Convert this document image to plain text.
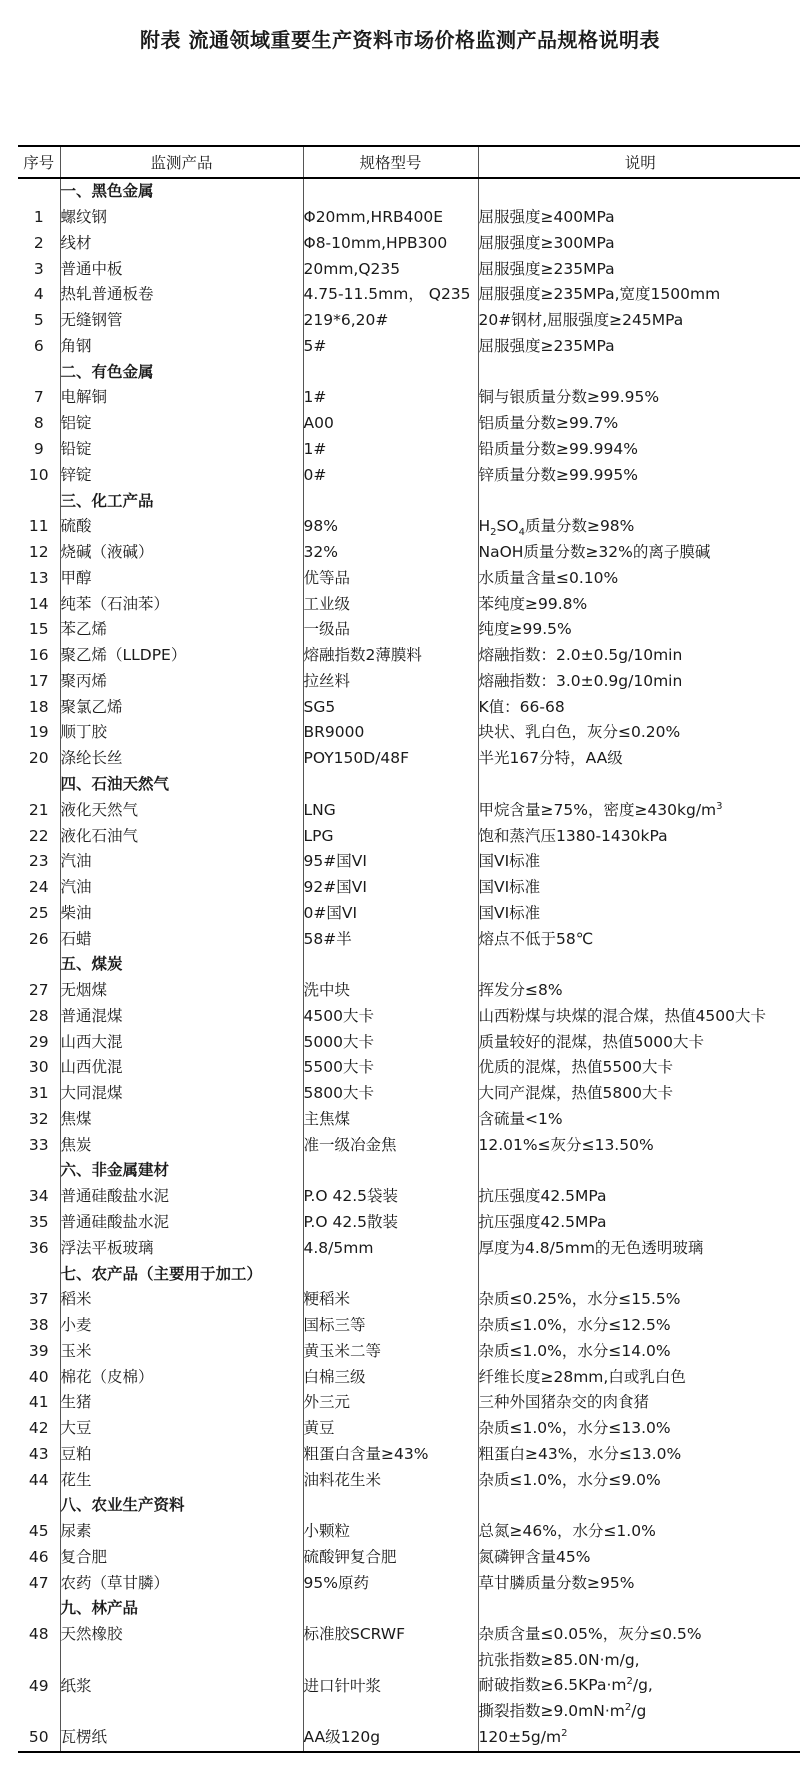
附表 流通领域重要生产资料市场价格监测产品规格说明表
序号	监测产品	规格型号	说明
	一、黑色金属		
1	螺纹钢	Φ20mm,HRB400E	屈服强度≥400MPa
2	线材	Φ8-10mm,HPB300	屈服强度≥300MPa
3	普通中板	20mm,Q235	屈服强度≥235MPa
4	热轧普通板卷	4.75-11.5mm， Q235	屈服强度≥235MPa,宽度1500mm
5	无缝钢管	219*6,20#	20#钢材,屈服强度≥245MPa
6	角钢	5#	屈服强度≥235MPa
	二、有色金属		
7	电解铜	1#	铜与银质量分数≥99.95%
8	铝锭	A00	铝质量分数≥99.7%
9	铅锭	1#	铅质量分数≥99.994%
10	锌锭	0#	锌质量分数≥99.995%
	三、化工产品		
11	硫酸	98%	$H_2SO_4$质量分数≥98%
12	烧碱（液碱）	32%	NaOH质量分数≥32%的离子膜碱
13	甲醇	优等品	水质量含量≤0.10%
14	纯苯（石油苯）	工业级	苯纯度≥99.8%
15	苯乙烯	一级品	纯度≥99.5%
16	聚乙烯（LLDPE）	熔融指数2薄膜料	熔融指数：2.0±0.5g/10min
17	聚丙烯	拉丝料	熔融指数：3.0±0.9g/10min
18	聚氯乙烯	SG5	K值：66-68
19	顺丁胶	BR9000	块状、乳白色，灰分≤0.20%
20	涤纶长丝	POY150D/48F	半光167分特，AA级
	四、石油天然气		
21	液化天然气	LNG	甲烷含量≥75%，密度$\ge 430kg/m^3$
22	液化石油气	LPG	饱和蒸汽压1380-1430kPa
23	汽油	95#国VI	国VI标准
24	汽油	92#国VI	国VI标准
25	柴油	0#国VI	国VI标准
26	石蜡	58#半	熔点不低于58℃
	五、煤炭		
27	无烟煤	洗中块	挥发分≤8%
28	普通混煤	4500大卡	山西粉煤与块煤的混合煤，热值4500大卡
29	山西大混	5000大卡	质量较好的混煤，热值5000大卡
30	山西优混	5500大卡	优质的混煤，热值5500大卡
31	大同混煤	5800大卡	大同产混煤，热值5800大卡
32	焦煤	主焦煤	含硫量<1%
33	焦炭	准一级冶金焦	12.01%≤灰分≤13.50%
	六、非金属建材		
34	普通硅酸盐水泥	P.O 42.5袋装	抗压强度42.5MPa
35	普通硅酸盐水泥	P.O 42.5散装	抗压强度42.5MPa
36	浮法平板玻璃	4.8/5mm	厚度为4.8/5mm的无色透明玻璃
	七、农产品（主要用于加工）		
37	稻米	粳稻米	杂质≤0.25%，水分≤15.5%
38	小麦	国标三等	杂质≤1.0%，水分≤12.5%
39	玉米	黄玉米二等	杂质≤1.0%，水分≤14.0%
40	棉花（皮棉）	白棉三级	纤维长度≥28mm,白或乳白色
41	生猪	外三元	三种外国猪杂交的肉食猪
42	大豆	黄豆	杂质≤1.0%，水分≤13.0%
43	豆粕	粗蛋白含量≥43%	粗蛋白≥43%，水分≤13.0%
44	花生	油料花生米	杂质≤1.0%，水分≤9.0%
	八、农业生产资料		
45	尿素	小颗粒	总氮≥46%，水分≤1.0%
46	复合肥	硫酸钾复合肥	氮磷钾含量45%
47	农药（草甘膦）	95%原药	草甘膦质量分数≥95%
	九、林产品		
48	天然橡胶	标准胶SCRWF	杂质含量≤0.05%，灰分≤0.5%
49	纸浆	进口针叶浆	抗张指数≥85.0N·m/g,
耐破指数$\ge 6.5KPa\cdot m^2/g$,
撕裂指数$\ge 9.0mN\cdot m^2/g$

50	瓦楞纸	AA级120g	$120\pm 5g/m^2$
